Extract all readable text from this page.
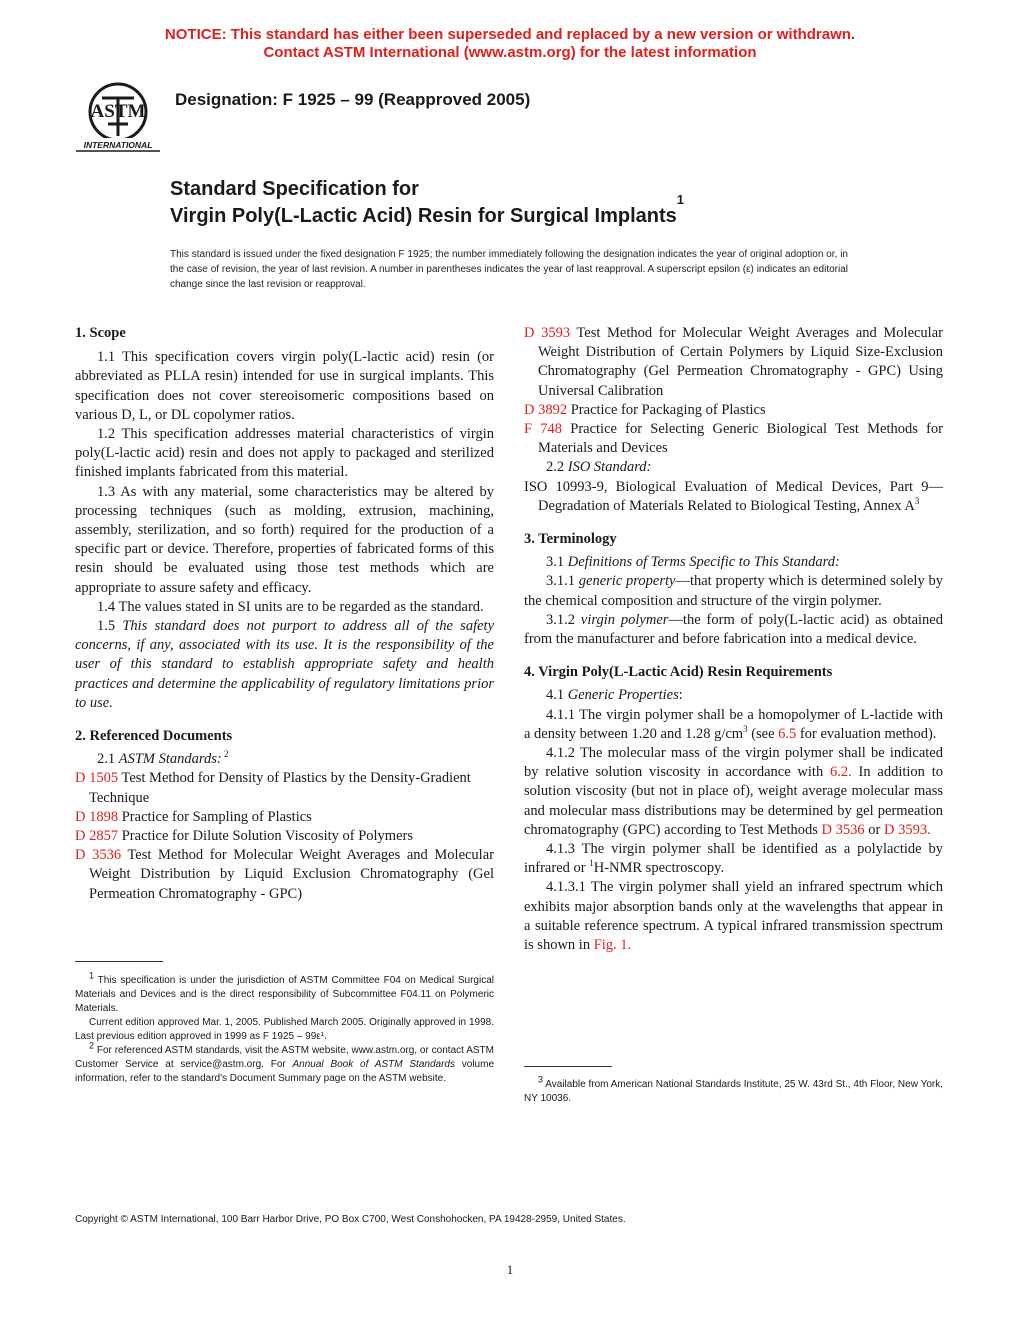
NOTICE: This standard has either been superseded and replaced by a new version or withdrawn.
Contact ASTM International (www.astm.org) for the latest information
ASTM
INTERNATIONAL
Designation: F 1925 – 99 (Reapproved 2005)
Standard Specification for
Virgin Poly(L-Lactic Acid) Resin for Surgical Implants$^1$
This standard is issued under the fixed designation F 1925; the number immediately following the designation indicates the year of original adoption or, in the case of revision, the year of last revision. A number in parentheses indicates the year of last reapproval. A superscript epsilon (ε) indicates an editorial change since the last revision or reapproval.
1. Scope

1.1 This specification covers virgin poly(L-lactic acid) resin (or abbreviated as PLLA resin) intended for use in surgical implants. This specification does not cover stereoisomeric compositions based on various D, L, or DL copolymer ratios.

1.2 This specification addresses material characteristics of virgin poly(L-lactic acid) resin and does not apply to packaged and sterilized finished implants fabricated from this material.

1.3 As with any material, some characteristics may be altered by processing techniques (such as molding, extrusion, machining, assembly, sterilization, and so forth) required for the production of a specific part or device. Therefore, properties of fabricated forms of this resin should be evaluated using those test methods which are appropriate to assure safety and efficacy.

1.4 The values stated in SI units are to be regarded as the standard.

1.5 This standard does not purport to address all of the safety concerns, if any, associated with its use. It is the responsibility of the user of this standard to establish appropriate safety and health practices and determine the applicability of regulatory limitations prior to use.

2. Referenced Documents

2.1 ASTM Standards: $^2$

D 1505 Test Method for Density of Plastics by the Density-Gradient Technique

D 1898 Practice for Sampling of Plastics

D 2857 Practice for Dilute Solution Viscosity of Polymers

D 3536 Test Method for Molecular Weight Averages and Molecular Weight Distribution by Liquid Exclusion Chromatography (Gel Permeation Chromatography - GPC)

$^1$ This specification is under the jurisdiction of ASTM Committee F04 on Medical Surgical Materials and Devices and is the direct responsibility of Subcommittee F04.11 on Polymeric Materials.

Current edition approved Mar. 1, 2005. Published March 2005. Originally approved in 1998. Last previous edition approved in 1999 as F 1925 – 99ε¹.

$^2$ For referenced ASTM standards, visit the ASTM website, www.astm.org, or contact ASTM Customer Service at service@astm.org. For Annual Book of ASTM Standards volume information, refer to the standard's Document Summary page on the ASTM website.

D 3593 Test Method for Molecular Weight Averages and Molecular Weight Distribution of Certain Polymers by Liquid Size-Exclusion Chromatography (Gel Permeation Chromatography - GPC) Using Universal Calibration

D 3892 Practice for Packaging of Plastics

F 748 Practice for Selecting Generic Biological Test Methods for Materials and Devices

2.2 ISO Standard:

ISO 10993-9, Biological Evaluation of Medical Devices, Part 9—Degradation of Materials Related to Biological Testing, Annex $A^3$

3. Terminology

3.1 Definitions of Terms Specific to This Standard:

3.1.1 generic property—that property which is determined solely by the chemical composition and structure of the virgin polymer.

3.1.2 virgin polymer—the form of poly(L-lactic acid) as obtained from the manufacturer and before fabrication into a medical device.

4. Virgin Poly(L-Lactic Acid) Resin Requirements

4.1 Generic Properties:

4.1.1 The virgin polymer shall be a homopolymer of L-lactide with a density between 1.20 and 1.28 $g/cm^3$ (see 6.5 for evaluation method).

4.1.2 The molecular mass of the virgin polymer shall be indicated by relative solution viscosity in accordance with 6.2. In addition to solution viscosity (but not in place of), weight average molecular mass and molecular mass distributions may be determined by gel permeation chromatography (GPC) according to Test Methods D 3536 or D 3593.

4.1.3 The virgin polymer shall be identified as a polylactide by infrared or $^1$H-NMR spectroscopy.

4.1.3.1 The virgin polymer shall yield an infrared spectrum which exhibits major absorption bands only at the wavelengths that appear in a suitable reference spectrum. A typical infrared transmission spectrum is shown in Fig. 1.

$^3$ Available from American National Standards Institute, 25 W. 43rd St., 4th Floor, New York, NY 10036.

Copyright © ASTM International, 100 Barr Harbor Drive, PO Box C700, West Conshohocken, PA 19428-2959, United States.
1
